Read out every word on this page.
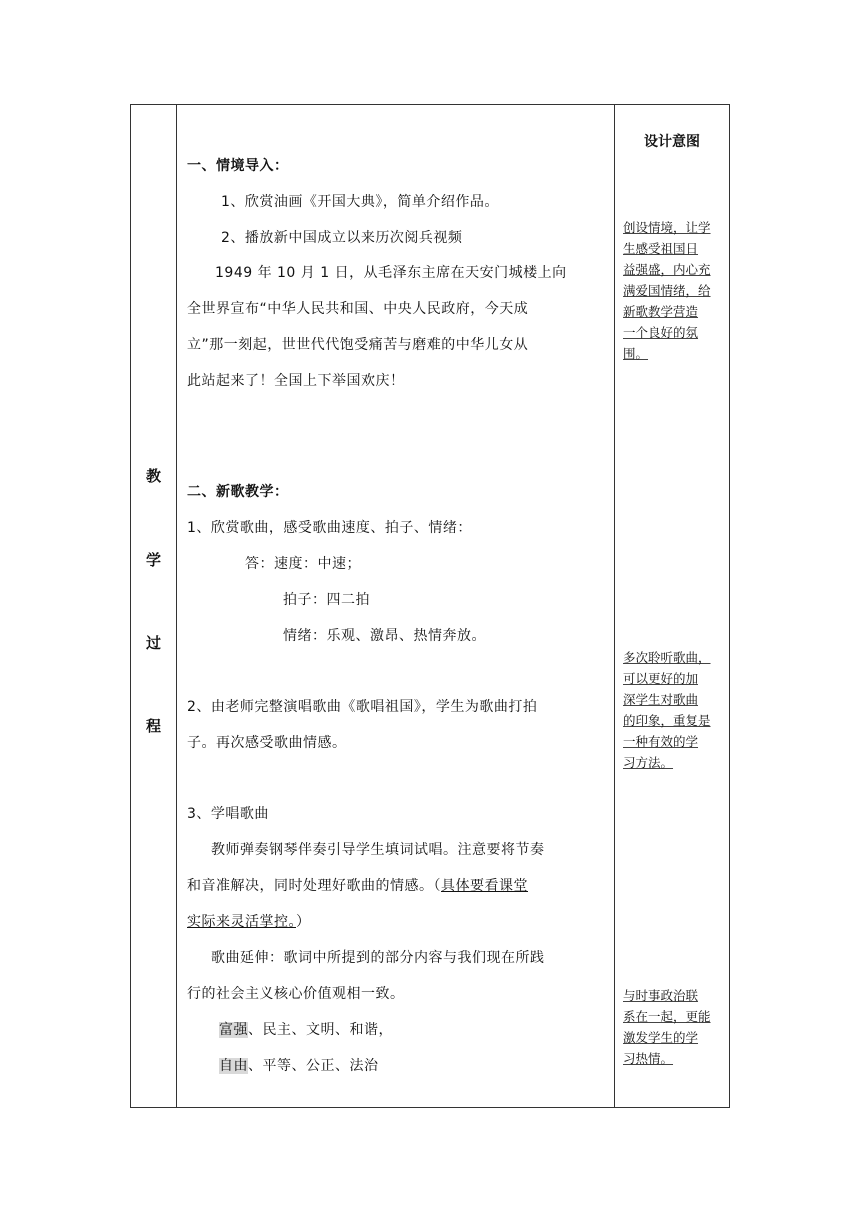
教
学
过
程
一、情境导入：
1、欣赏油画《开国大典》，简单介绍作品。
2、播放新中国成立以来历次阅兵视频
1949 年 10 月 1 日，从毛泽东主席在天安门城楼上向
全世界宣布“中华人民共和国、中央人民政府，今天成
立”那一刻起，世世代代饱受痛苦与磨难的中华儿女从
此站起来了！全国上下举国欢庆！
二、新歌教学：
1、欣赏歌曲，感受歌曲速度、拍子、情绪：
答：速度：中速；
拍子：四二拍
情绪：乐观、激昂、热情奔放。
2、由老师完整演唱歌曲《歌唱祖国》，学生为歌曲打拍
子。再次感受歌曲情感。
3、学唱歌曲
教师弹奏钢琴伴奏引导学生填词试唱。注意要将节奏
和音准解决，同时处理好歌曲的情感。（具体要看课堂
实际来灵活掌控。）
歌曲延伸：歌词中所提到的部分内容与我们现在所践
行的社会主义核心价值观相一致。
富强、民主、文明、和谐，
自由、平等、公正、法治
设计意图
创设情境，让学
生感受祖国日
益强盛，内心充
满爱国情绪，给
新歌教学营造
一个良好的氛
围。
多次聆听歌曲，
可以更好的加
深学生对歌曲
的印象，重复是
一种有效的学
习方法。
与时事政治联
系在一起，更能
激发学生的学
习热情。
